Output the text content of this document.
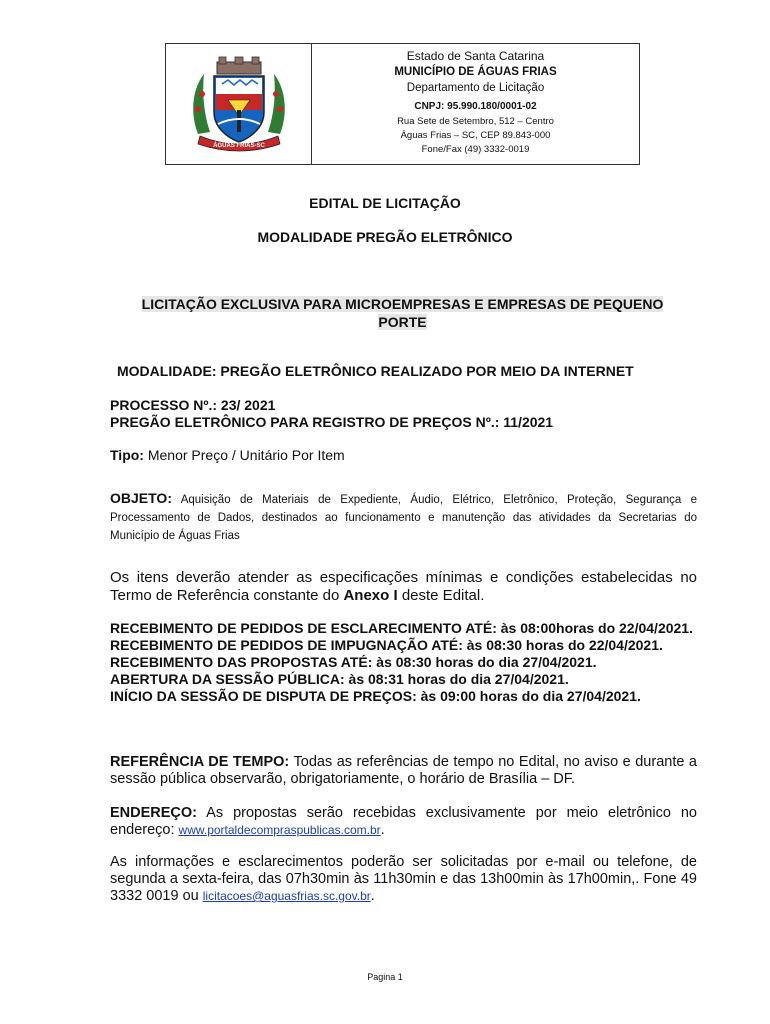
ÁGUAS FRIAS-SC
Estado de Santa Catarina
MUNICÍPIO DE ÁGUAS FRIAS
Departamento de Licitação
CNPJ: 95.990.180/0001-02
Rua Sete de Setembro, 512 – Centro
Águas Frias – SC, CEP 89.843-000
Fone/Fax (49) 3332-0019
EDITAL DE LICITAÇÃO
MODALIDADE PREGÃO ELETRÔNICO
LICITAÇÃO EXCLUSIVA PARA MICROEMPRESAS E EMPRESAS DE PEQUENO
PORTE
MODALIDADE: PREGÃO ELETRÔNICO REALIZADO POR MEIO DA INTERNET
PROCESSO Nº.: 23/ 2021
PREGÃO ELETRÔNICO PARA REGISTRO DE PREÇOS Nº.: 11/2021
Tipo: Menor Preço / Unitário Por Item
OBJETO: Aquisição de Materiais de Expediente, Áudio, Elétrico, Eletrônico, Proteção, Segurança e Processamento de Dados, destinados ao funcionamento e manutenção das atividades da Secretarias do Município de Águas Frias
Os itens deverão atender as especificações mínimas e condições estabelecidas no Termo de Referência constante do Anexo I deste Edital.
RECEBIMENTO DE PEDIDOS DE ESCLARECIMENTO ATÉ: às 08:00horas do 22/04/2021.
RECEBIMENTO DE PEDIDOS DE IMPUGNAÇÃO ATÉ: às 08:30 horas do 22/04/2021.
RECEBIMENTO DAS PROPOSTAS ATÉ: às 08:30 horas do dia 27/04/2021.
ABERTURA DA SESSÃO PÚBLICA: às 08:31 horas do dia 27/04/2021.
INÍCIO DA SESSÃO DE DISPUTA DE PREÇOS: às 09:00 horas do dia 27/04/2021.
REFERÊNCIA DE TEMPO: Todas as referências de tempo no Edital, no aviso e durante a sessão pública observarão, obrigatoriamente, o horário de Brasília – DF.
ENDEREÇO: As propostas serão recebidas exclusivamente por meio eletrônico no endereço: www.portaldecompraspublicas.com.br.
As informações e esclarecimentos poderão ser solicitadas por e-mail ou telefone, de segunda a sexta-feira, das 07h30min às 11h30min e das 13h00min às 17h00min,. Fone 49 3332 0019 ou licitacoes@aguasfrias.sc.gov.br.
Pagina 1
